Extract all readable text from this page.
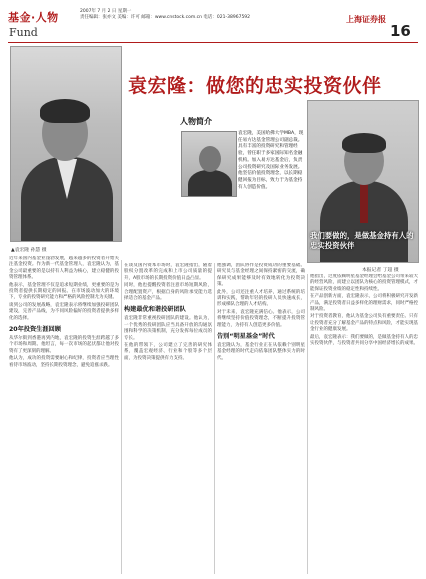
基金·人物
Fund
2007年 7 月 2 日 星期一
责任编辑：张亦文 美编：许可 邮箱：www.cnstock.com.cn 电话：021-38967592	上海证券报
16
▲袁宏隆 孙慧 摄
袁宏隆：做您的忠实投资伙伴
人物简介
袁宏隆，美国哈佛大学MBA，现任易方达基金管理公司副总裁。具有丰富的投资研究和管理经验，曾任职于多家国际知名金融机构。加入易方达基金后，负责公司投资研究及国际业务发展。他坚信价值投资理念，以长期稳健回报为目标，致力于为基金持有人创造价值。
我们要做的，是做基金持有人的忠实投资伙伴
本报记者 丁超 摄

近年来国内基金业蓬勃发展，越来越多的投资者开始关注基金投资。作为新一代基金管理人，袁宏隆认为，基金公司最重要的是以持有人利益为核心，建立稳健的投资管理体系。

他表示，基金管理不仅是追求短期业绩，更重要的是为投资者提供长期稳定的回报。在市场波动加大的环境下，专业的投资研究能力和严格的风险控制尤为关键。

谈到公司的发展战略，袁宏隆表示将继续加强投研团队建设，完善产品线，为不同风险偏好的投资者提供多样化的选择。

20年投资生涯回顾

从华尔街到香港再到内地，袁宏隆的投资生涯跨越了多个市场和周期。他坦言，每一次市场的起伏都让他对投资有了更深刻的理解。

他认为，成功的投资需要耐心和纪律，投资者应当理性看待市场波动，坚持长期投资理念，避免追涨杀跌。

在谈及国内资本市场时，袁宏隆指出，随着股权分置改革的完成和上市公司质量的提升，A股市场的长期投资价值日益凸显。

同时，他也提醒投资者注意市场短期风险，合理配置资产，根据自身的风险承受能力选择适合的基金产品。

构建最优和谐投研团队

袁宏隆非常重视投研团队的建设。他认为，一个优秀的投研团队应当具备开放的沟通氛围和科学的决策机制，充分发挥每位成员的专长。

在他的带领下，公司建立了完善的研究体系，覆盖宏观经济、行业和个股等多个层面，为投资决策提供有力支持。

他强调，团队协作是投资成功的重要基础。研究员与基金经理之间保持紧密的交流，确保研究成果能够及时有效地转化为投资决策。

此外，公司还注重人才培养，通过系统的培训和实践，帮助年轻的投研人员快速成长，形成梯队合理的人才结构。

对于未来，袁宏隆充满信心。他表示，公司将继续坚持价值投资理念，不断提升投资管理能力，为持有人创造更多价值。

告别“明星基金”时代

袁宏隆认为，基金行业正在从依赖个别明星基金经理的时代走向依靠团队整体实力的时代。

他指出，过度依赖明星基金经理会给基金公司带来较大的经营风险，而建立以团队为核心的投资管理模式，才能保证投资业绩的稳定性和持续性。

在产品创新方面，袁宏隆表示，公司将积极研究开发新产品，满足投资者日益多样化的理财需求，同时严格控制风险。

对于投资者教育，他认为基金公司负有重要责任。只有让投资者充分了解基金产品的特点和风险，才能实现基金行业的健康发展。

最后，袁宏隆表示：我们要做的，是做基金持有人的忠实投资伙伴，与投资者共同分享中国经济增长的成果。
